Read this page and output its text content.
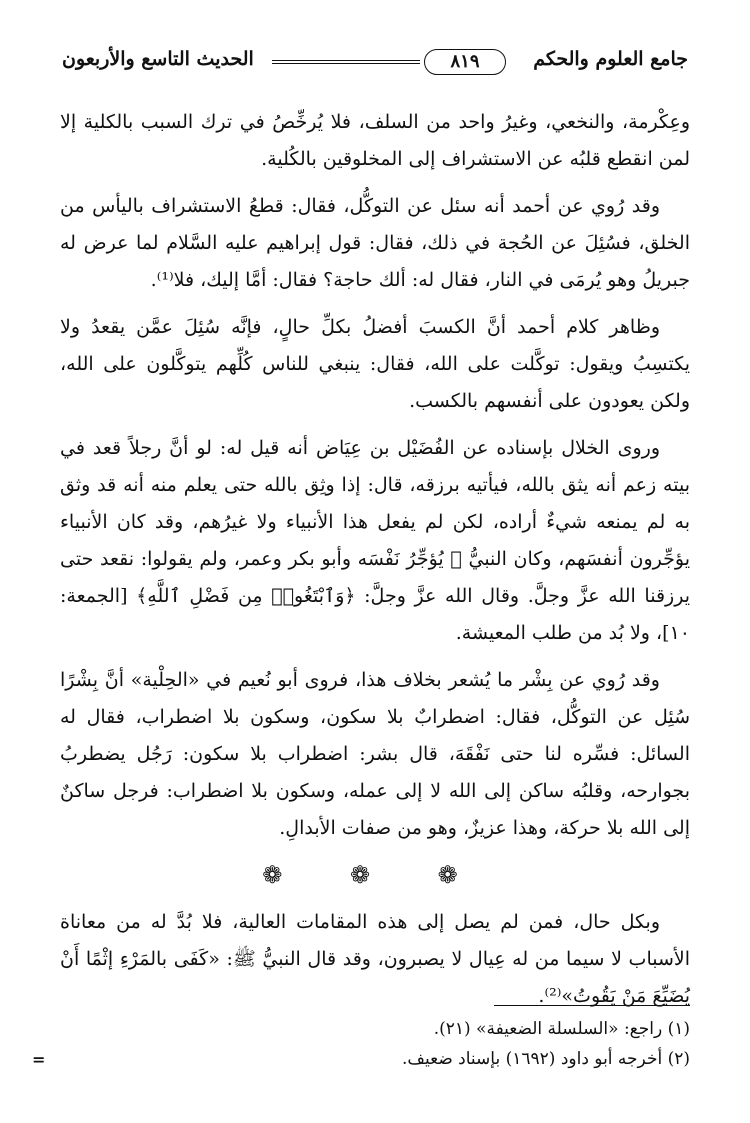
جامع العلوم والحكم
٨١٩
الحديث التاسع والأربعون

وعِكْرمة، والنخعي، وغيرُ واحد من السلف، فلا يُرخِّصُ في ترك السبب بالكلية إلا لمن انقطع قلبُه عن الاستشراف إلى المخلوقين بالكُلية.

وقد رُوي عن أحمد أنه سئل عن التوكُّل، فقال: قطعُ الاستشراف باليأس من الخلق، فسُئِلَ عن الحُجة في ذلك، فقال: قول إبراهيم عليه السَّلام لما عرض له جبريلُ وهو يُرمَى في النار، فقال له: ألك حاجة؟ فقال: أمَّا إليك، فلا⁽¹⁾.

وظاهر كلام أحمد أنَّ الكسبَ أفضلُ بكلِّ حالٍ، فإنَّه سُئِلَ عمَّن يقعدُ ولا يكتسِبُ ويقول: توكَّلت على الله، فقال: ينبغي للناس كُلِّهم يتوكَّلون على الله، ولكن يعودون على أنفسهم بالكسب.

وروى الخلال بإسناده عن الفُضَيْل بن عِيَاض أنه قيل له: لو أنَّ رجلاً قعد في بيته زعم أنه يثق بالله، فيأتيه برزقه، قال: إذا وثِق بالله حتى يعلم منه أنه قد وثق به لم يمنعه شيءٌ أراده، لكن لم يفعل هذا الأنبياء ولا غيرُهم، وقد كان الأنبياء يؤجِّرون أنفسَهم، وكان النبيُّ ﷺ يُؤجِّرُ نَفْسَه وأبو بكر وعمر، ولم يقولوا: نقعد حتى يرزقنا الله عزَّ وجلَّ. وقال الله عزَّ وجلَّ: ﴿وَٱبْتَغُوا۟ مِن فَضْلِ ٱللَّهِ﴾ [الجمعة: ١٠]، ولا بُد من طلب المعيشة.

وقد رُوي عن بِشْر ما يُشعر بخلاف هذا، فروى أبو نُعيم في «الحِلْية» أنَّ بِشْرًا سُئِل عن التوكُّل، فقال: اضطرابٌ بلا سكون، وسكون بلا اضطراب، فقال له السائل: فسِّره لنا حتى نَفْقَهَ، قال بشر: اضطراب بلا سكون: رَجُل يضطربُ بجوارحه، وقلبُه ساكن إلى الله لا إلى عمله، وسكون بلا اضطراب: فرجل ساكنٌ إلى الله بلا حركة، وهذا عزيزٌ، وهو من صفات الأبدالِ.

❁ ❁ ❁

وبكل حال، فمن لم يصل إلى هذه المقامات العالية، فلا بُدَّ له من معاناة الأسباب لا سيما من له عِيال لا يصبرون، وقد قال النبيُّ ﷺ: «كَفَى بالمَرْءِ إثْمًا أَنْ يُضَيِّعَ مَنْ يَقُوتُ»⁽²⁾.

(١) راجع: «السلسلة الضعيفة» (٢١).
(٢) أخرجه أبو داود (١٦٩٢) بإسناد ضعيف.
=
